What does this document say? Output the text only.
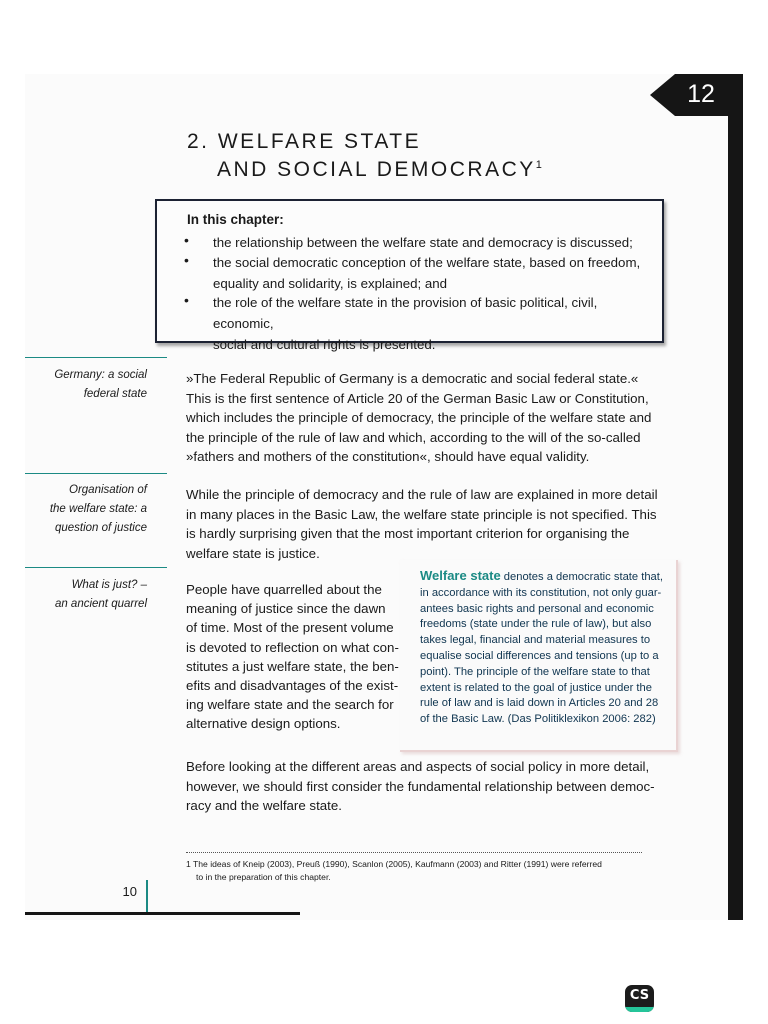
12
2. WELFARE STATE
AND SOCIAL DEMOCRACY$^1$
In this chapter:
• the relationship between the welfare state and democracy is discussed;
• the social democratic conception of the welfare state, based on freedom,
equality and solidarity, is explained; and
• the role of the welfare state in the provision of basic political, civil, economic,
social and cultural rights is presented.
Germany: a social
federal state
Organisation of
the welfare state: a
question of justice
What is just? –
an ancient quarrel
»The Federal Republic of Germany is a democratic and social federal state.«
This is the first sentence of Article 20 of the German Basic Law or Constitution,
which includes the principle of democracy, the principle of the welfare state and
the principle of the rule of law and which, according to the will of the so-called
»fathers and mothers of the constitution«, should have equal validity.
While the principle of democracy and the rule of law are explained in more detail
in many places in the Basic Law, the welfare state principle is not specified. This
is hardly surprising given that the most important criterion for organising the
welfare state is justice.
People have quarrelled about the
meaning of justice since the dawn
of time. Most of the present volume
is devoted to reflection on what con-
stitutes a just welfare state, the ben-
efits and disadvantages of the exist-
ing welfare state and the search for
alternative design options.
Welfare state denotes a democratic state that,
in accordance with its constitution, not only guar-
antees basic rights and personal and economic
freedoms (state under the rule of law), but also
takes legal, financial and material measures to
equalise social differences and tensions (up to a
point). The principle of the welfare state to that
extent is related to the goal of justice under the
rule of law and is laid down in Articles 20 and 28
of the Basic Law. (Das Politiklexikon 2006: 282)
Before looking at the different areas and aspects of social policy in more detail,
however, we should first consider the fundamental relationship between democ-
racy and the welfare state.
1 The ideas of Kneip (2003), Preuß (1990), Scanlon (2005), Kaufmann (2003) and Ritter (1991) were referred
to in the preparation of this chapter.
10
CS
